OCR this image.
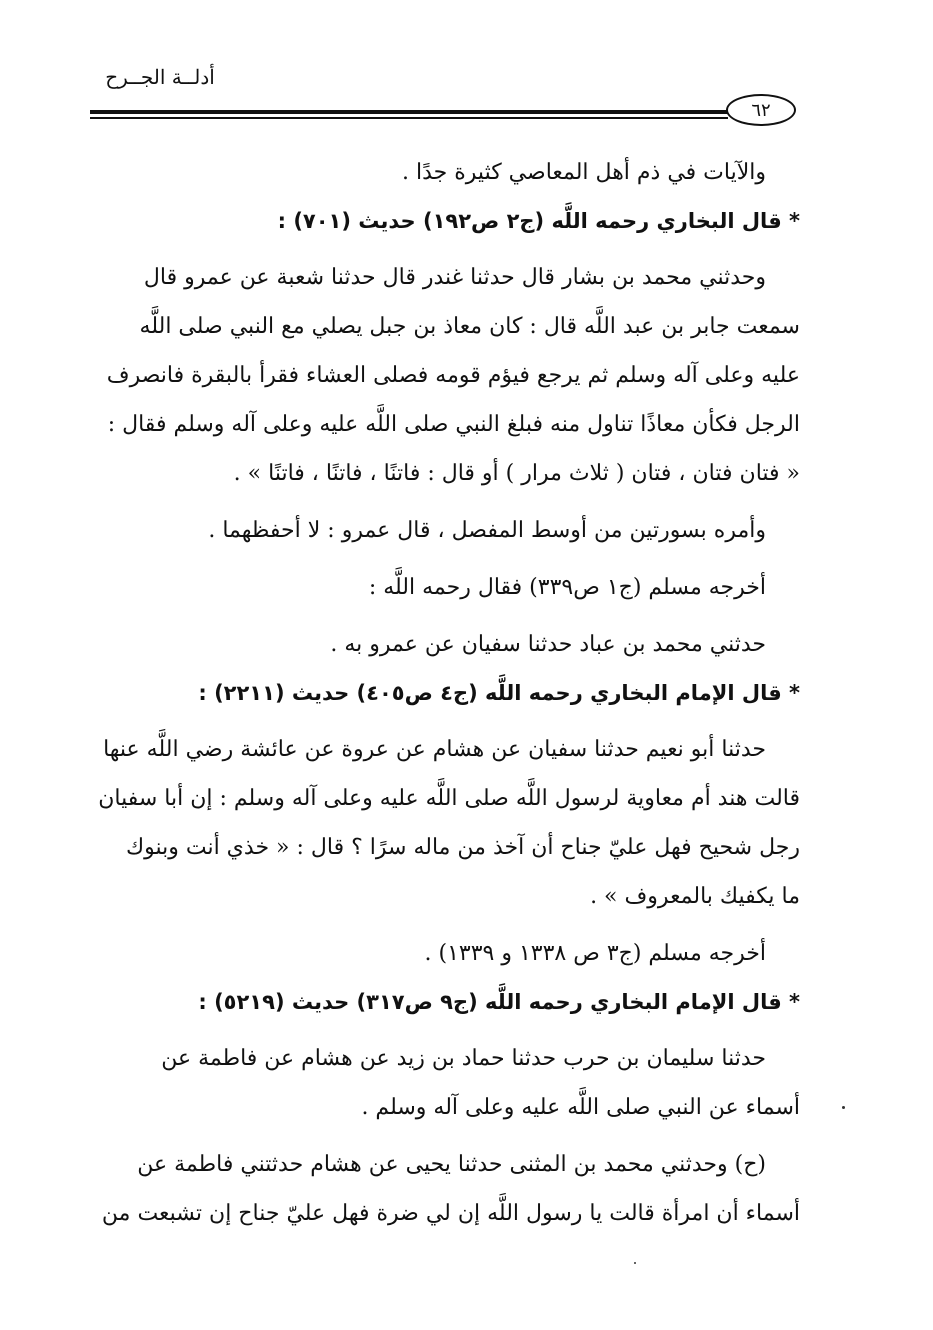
أدلــة الجــرح
٦٢
والآيات في ذم أهل المعاصي كثيرة جدًا .
* قال البخاري رحمه اللَّه (ج٢ ص١٩٢) حديث (٧٠١) :
وحدثني محمد بن بشار قال حدثنا غندر قال حدثنا شعبة عن عمرو قال
سمعت جابر بن عبد اللَّه قال : كان معاذ بن جبل يصلي مع النبي صلى اللَّه
عليه وعلى آله وسلم ثم يرجع فيؤم قومه فصلى العشاء فقرأ بالبقرة فانصرف
الرجل فكأن معاذًا تناول منه فبلغ النبي صلى اللَّه عليه وعلى آله وسلم فقال :
« فتان فتان ، فتان ( ثلاث مرار ) أو قال : فاتنًا ، فاتنًا ، فاتنًا » .
وأمره بسورتين من أوسط المفصل ، قال عمرو : لا أحفظهما .
أخرجه مسلم (ج١ ص٣٣٩) فقال رحمه اللَّه :
حدثني محمد بن عباد حدثنا سفيان عن عمرو به .
* قال الإمام البخاري رحمه اللَّه (ج٤ ص٤٠٥) حديث (٢٢١١) :
حدثنا أبو نعيم حدثنا سفيان عن هشام عن عروة عن عائشة رضي اللَّه عنها
قالت هند أم معاوية لرسول اللَّه صلى اللَّه عليه وعلى آله وسلم : إن أبا سفيان
رجل شحيح فهل عليّ جناح أن آخذ من ماله سرًا ؟ قال : « خذي أنت وبنوك
ما يكفيك بالمعروف » .
أخرجه مسلم (ج٣ ص ١٣٣٨ و ١٣٣٩) .
* قال الإمام البخاري رحمه اللَّه (ج٩ ص٣١٧) حديث (٥٢١٩) :
حدثنا سليمان بن حرب حدثنا حماد بن زيد عن هشام عن فاطمة عن
أسماء عن النبي صلى اللَّه عليه وعلى آله وسلم .
(ح) وحدثني محمد بن المثنى حدثنا يحيى عن هشام حدثتني فاطمة عن
أسماء أن امرأة قالت يا رسول اللَّه إن لي ضرة فهل عليّ جناح إن تشبعت من
